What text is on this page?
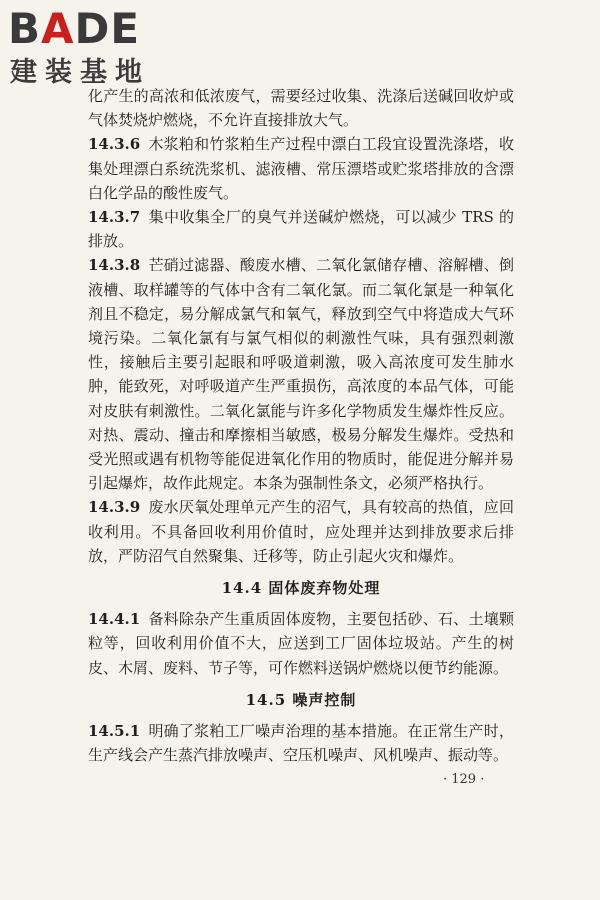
BADE
建装基地

化产生的高浓和低浓废气，需要经过收集、洗涤后送碱回收炉或气体焚烧炉燃烧，不允许直接排放大气。

14.3.6 木浆粕和竹浆粕生产过程中漂白工段宜设置洗涤塔，收集处理漂白系统洗浆机、滤液槽、常压漂塔或贮浆塔排放的含漂白化学品的酸性废气。

14.3.7 集中收集全厂的臭气并送碱炉燃烧，可以减少 TRS 的排放。

14.3.8 芒硝过滤器、酸废水槽、二氧化氯储存槽、溶解槽、倒液槽、取样罐等的气体中含有二氧化氯。而二氧化氯是一种氧化剂且不稳定，易分解成氯气和氧气，释放到空气中将造成大气环境污染。二氧化氯有与氯气相似的刺激性气味，具有强烈刺激性，接触后主要引起眼和呼吸道刺激，吸入高浓度可发生肺水肿，能致死，对呼吸道产生严重损伤，高浓度的本品气体，可能对皮肤有刺激性。二氧化氯能与许多化学物质发生爆炸性反应。对热、震动、撞击和摩擦相当敏感，极易分解发生爆炸。受热和受光照或遇有机物等能促进氧化作用的物质时，能促进分解并易引起爆炸，故作此规定。本条为强制性条文，必须严格执行。

14.3.9 废水厌氧处理单元产生的沼气，具有较高的热值，应回收利用。不具备回收利用价值时，应处理并达到排放要求后排放，严防沼气自然聚集、迁移等，防止引起火灾和爆炸。

14.4 固体废弃物处理

14.4.1 备料除杂产生重质固体废物，主要包括砂、石、土壤颗粒等，回收利用价值不大，应送到工厂固体垃圾站。产生的树皮、木屑、废料、节子等，可作燃料送锅炉燃烧以便节约能源。

14.5 噪声控制

14.5.1 明确了浆粕工厂噪声治理的基本措施。在正常生产时，生产线会产生蒸汽排放噪声、空压机噪声、风机噪声、振动等。

· 129 ·
